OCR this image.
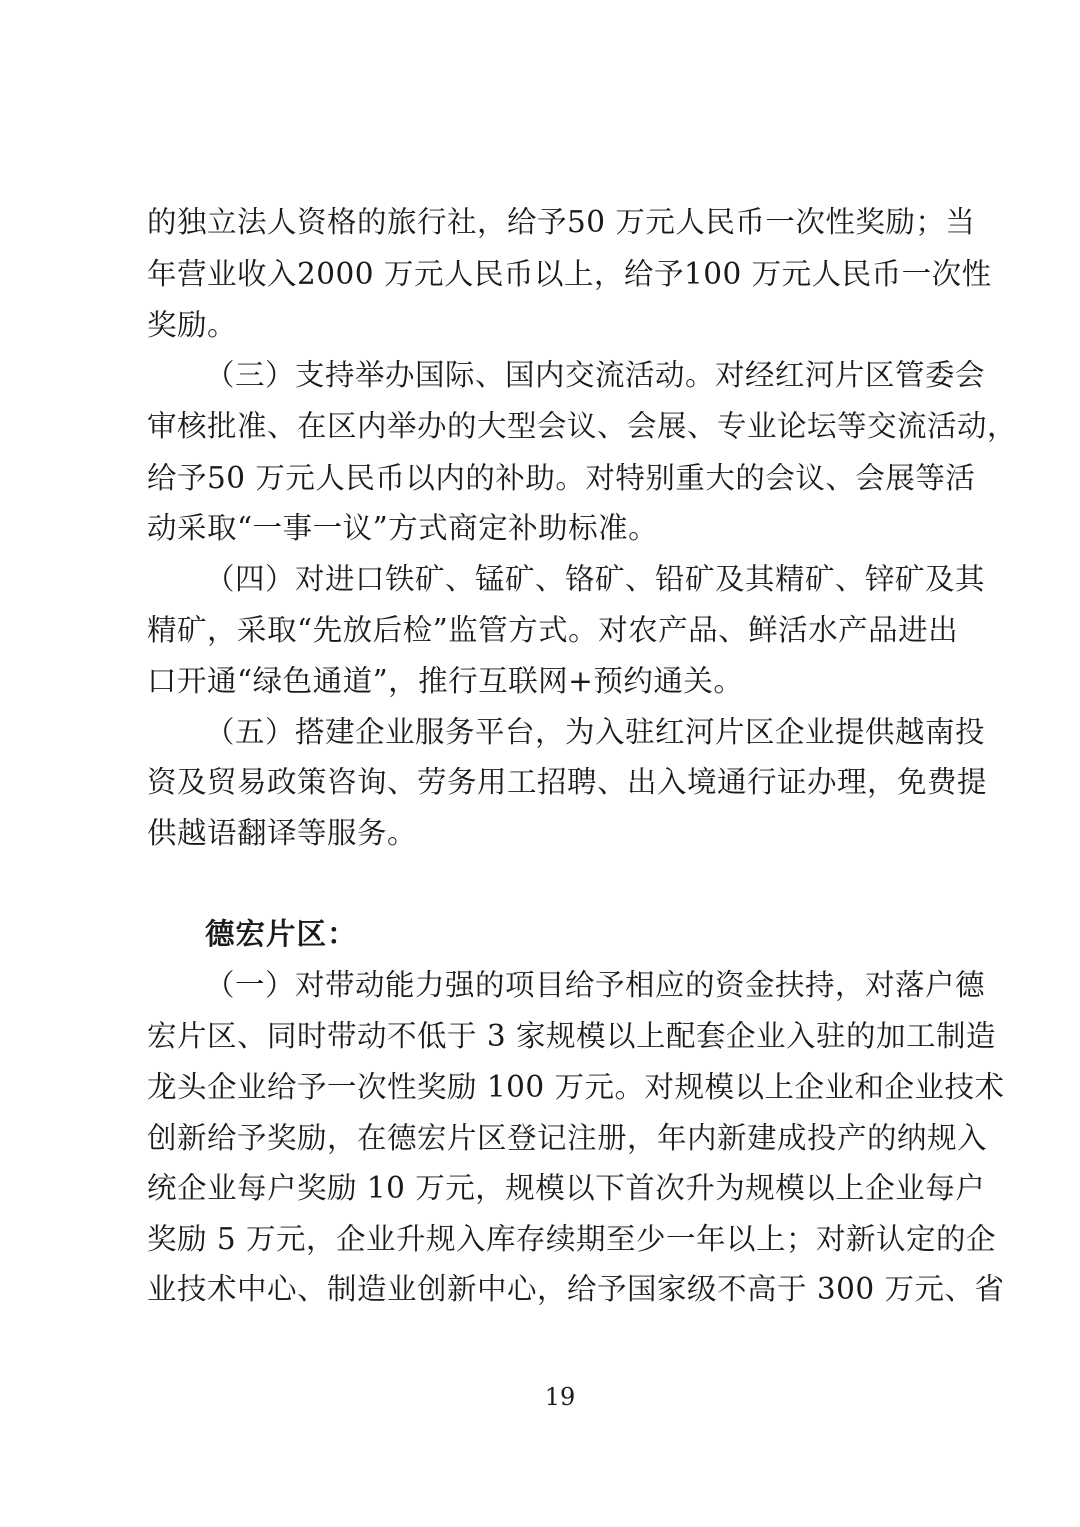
的独立法人资格的旅行社，给予50 万元人民币一次性奖励；当
年营业收入2000 万元人民币以上，给予100 万元人民币一次性
奖励。
（三）支持举办国际、国内交流活动。对经红河片区管委会
审核批准、在区内举办的大型会议、会展、专业论坛等交流活动，
给予50 万元人民币以内的补助。对特别重大的会议、会展等活
动采取“一事一议”方式商定补助标准。
（四）对进口铁矿、锰矿、铬矿、铅矿及其精矿、锌矿及其
精矿，采取“先放后检”监管方式。对农产品、鲜活水产品进出
口开通“绿色通道”，推行互联网+预约通关。
（五）搭建企业服务平台，为入驻红河片区企业提供越南投
资及贸易政策咨询、劳务用工招聘、出入境通行证办理，免费提
供越语翻译等服务。
德宏片区：
（一）对带动能力强的项目给予相应的资金扶持，对落户德
宏片区、同时带动不低于 3 家规模以上配套企业入驻的加工制造
龙头企业给予一次性奖励 100 万元。对规模以上企业和企业技术
创新给予奖励，在德宏片区登记注册，年内新建成投产的纳规入
统企业每户奖励 10 万元，规模以下首次升为规模以上企业每户
奖励 5 万元，企业升规入库存续期至少一年以上；对新认定的企
业技术中心、制造业创新中心，给予国家级不高于 300 万元、省
19
